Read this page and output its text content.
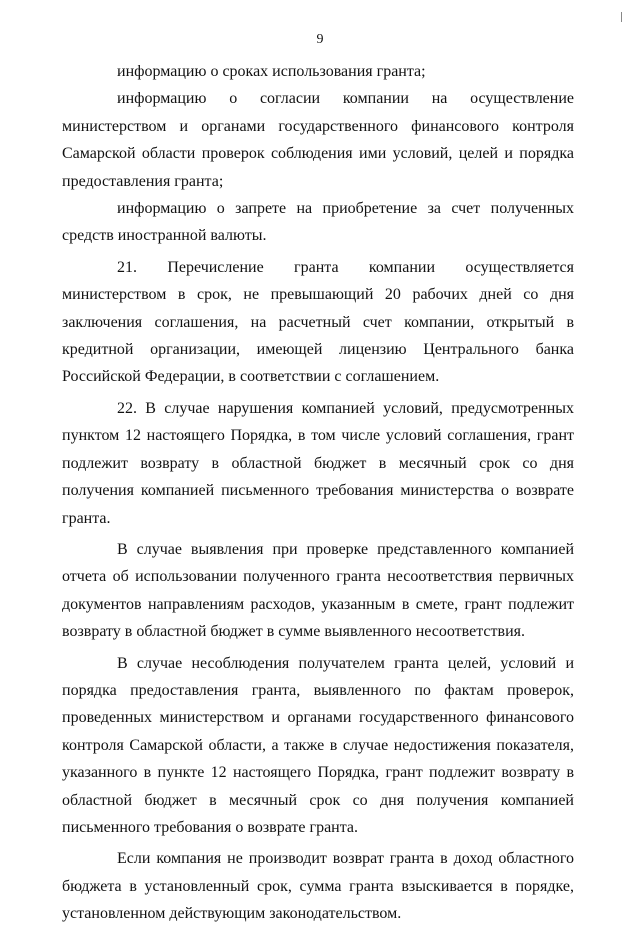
9

информацию о сроках использования гранта;

информацию о согласии компании на осуществление министерством и органами государственного финансового контроля Самарской области проверок соблюдения ими условий, целей и порядка предоставления гранта;

информацию о запрете на приобретение за счет полученных средств иностранной валюты.

21. Перечисление гранта компании осуществляется министерством в срок, не превышающий 20 рабочих дней со дня заключения соглашения, на расчетный счет компании, открытый в кредитной организации, имеющей лицензию Центрального банка Российской Федерации, в соответствии с соглашением.

22. В случае нарушения компанией условий, предусмотренных пунктом 12 настоящего Порядка, в том числе условий соглашения, грант подлежит возврату в областной бюджет в месячный срок со дня получения компанией письменного требования министерства о возврате гранта.

В случае выявления при проверке представленного компанией отчета об использовании полученного гранта несоответствия первичных документов направлениям расходов, указанным в смете, грант подлежит возврату в областной бюджет в сумме выявленного несоответствия.

В случае несоблюдения получателем гранта целей, условий и порядка предоставления гранта, выявленного по фактам проверок, проведенных министерством и органами государственного финансового контроля Самарской области, а также в случае недостижения показателя, указанного в пункте 12 настоящего Порядка, грант подлежит возврату в областной бюджет в месячный срок со дня получения компанией письменного требования о возврате гранта.

Если компания не производит возврат гранта в доход областного бюджета в установленный срок, сумма гранта взыскивается в порядке, установленном действующим законодательством.
